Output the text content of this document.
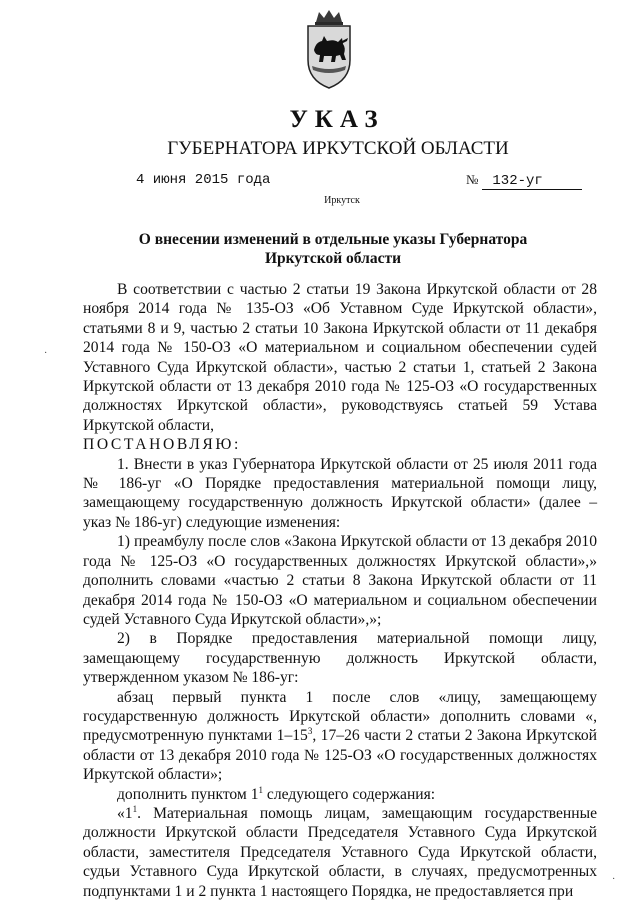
УКАЗ
ГУБЕРНАТОРА ИРКУТСКОЙ ОБЛАСТИ
4 июня 2015 года	№ 132-уг
Иркутск
О внесении изменений в отдельные указы Губернатора Иркутской области

В соответствии с частью 2 статьи 19 Закона Иркутской области от 28 ноября 2014 года № 135-ОЗ «Об Уставном Суде Иркутской области», статьями 8 и 9, частью 2 статьи 10 Закона Иркутской области от 11 декабря 2014 года № 150-ОЗ «О материальном и социальном обеспечении судей Уставного Суда Иркутской области», частью 2 статьи 1, статьей 2 Закона Иркутской области от 13 декабря 2010 года № 125-ОЗ «О государственных должностях Иркутской области», руководствуясь статьей 59 Устава Иркутской области,

ПОСТАНОВЛЯЮ:

1. Внести в указ Губернатора Иркутской области от 25 июля 2011 года № 186-уг «О Порядке предоставления материальной помощи лицу, замещающему государственную должность Иркутской области» (далее – указ № 186-уг) следующие изменения:

1) преамбулу после слов «Закона Иркутской области от 13 декабря 2010 года № 125-ОЗ «О государственных должностях Иркутской области»,» дополнить словами «частью 2 статьи 8 Закона Иркутской области от 11 декабря 2014 года № 150-ОЗ «О материальном и социальном обеспечении судей Уставного Суда Иркутской области»,»;

2) в Порядке предоставления материальной помощи лицу, замещающему государственную должность Иркутской области, утвержденном указом № 186-уг:

абзац первый пункта 1 после слов «лицу, замещающему государственную должность Иркутской области» дополнить словами «, предусмотренную пунктами $1-15^3$, 17–26 части 2 статьи 2 Закона Иркутской области от 13 декабря 2010 года № 125-ОЗ «О государственных должностях Иркутской области»;

дополнить пунктом $1^1$ следующего содержания:

«$1^1$. Материальная помощь лицам, замещающим государственные должности Иркутской области Председателя Уставного Суда Иркутской области, заместителя Председателя Уставного Суда Иркутской области, судьи Уставного Суда Иркутской области, в случаях, предусмотренных подпунктами 1 и 2 пункта 1 настоящего Порядка, не предоставляется при

·
·
